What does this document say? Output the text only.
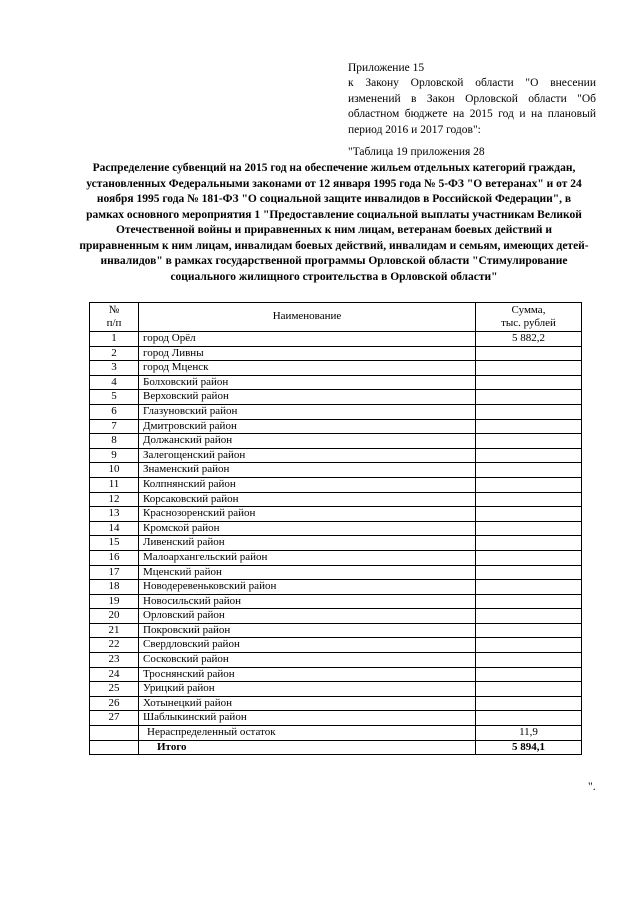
Приложение 15

к Закону Орловской области "О внесении изменений в Закон Орловской области "Об областном бюджете на 2015 год и на плановый период 2016 и 2017 годов":

"Таблица 19 приложения 28

Распределение субвенций на 2015 год на обеспечение жильем отдельных категорий граждан, установленных Федеральными законами от 12 января 1995 года № 5-ФЗ "О ветеранах" и от 24 ноября 1995 года № 181-ФЗ "О социальной защите инвалидов в Российской Федерации", в рамках основного мероприятия 1 "Предоставление социальной выплаты участникам Великой Отечественной войны и приравненных к ним лицам, ветеранам боевых действий и приравненным к ним лицам, инвалидам боевых действий, инвалидам и семьям, имеющих детей-инвалидов" в рамках государственной программы Орловской области "Стимулирование социального жилищного строительства в Орловской области"
№
п/п	Наименование	Сумма,
тыс. рублей
1	город Орёл	5 882,2
2	город Ливны	
3	город Мценск	
4	Болховский район	
5	Верховский район	
6	Глазуновский район	
7	Дмитровский район	
8	Должанский район	
9	Залегощенский район	
10	Знаменский район	
11	Колпнянский район	
12	Корсаковский район	
13	Краснозоренский район	
14	Кромской район	
15	Ливенский район	
16	Малоархангельский район	
17	Мценский район	
18	Новодеревеньковский район	
19	Новосильский район	
20	Орловский район	
21	Покровский район	
22	Свердловский район	
23	Сосковский район	
24	Троснянский район	
25	Урицкий район	
26	Хотынецкий район	
27	Шаблыкинский район	
	Нераспределенный остаток	11,9
	Итого	5 894,1
".
